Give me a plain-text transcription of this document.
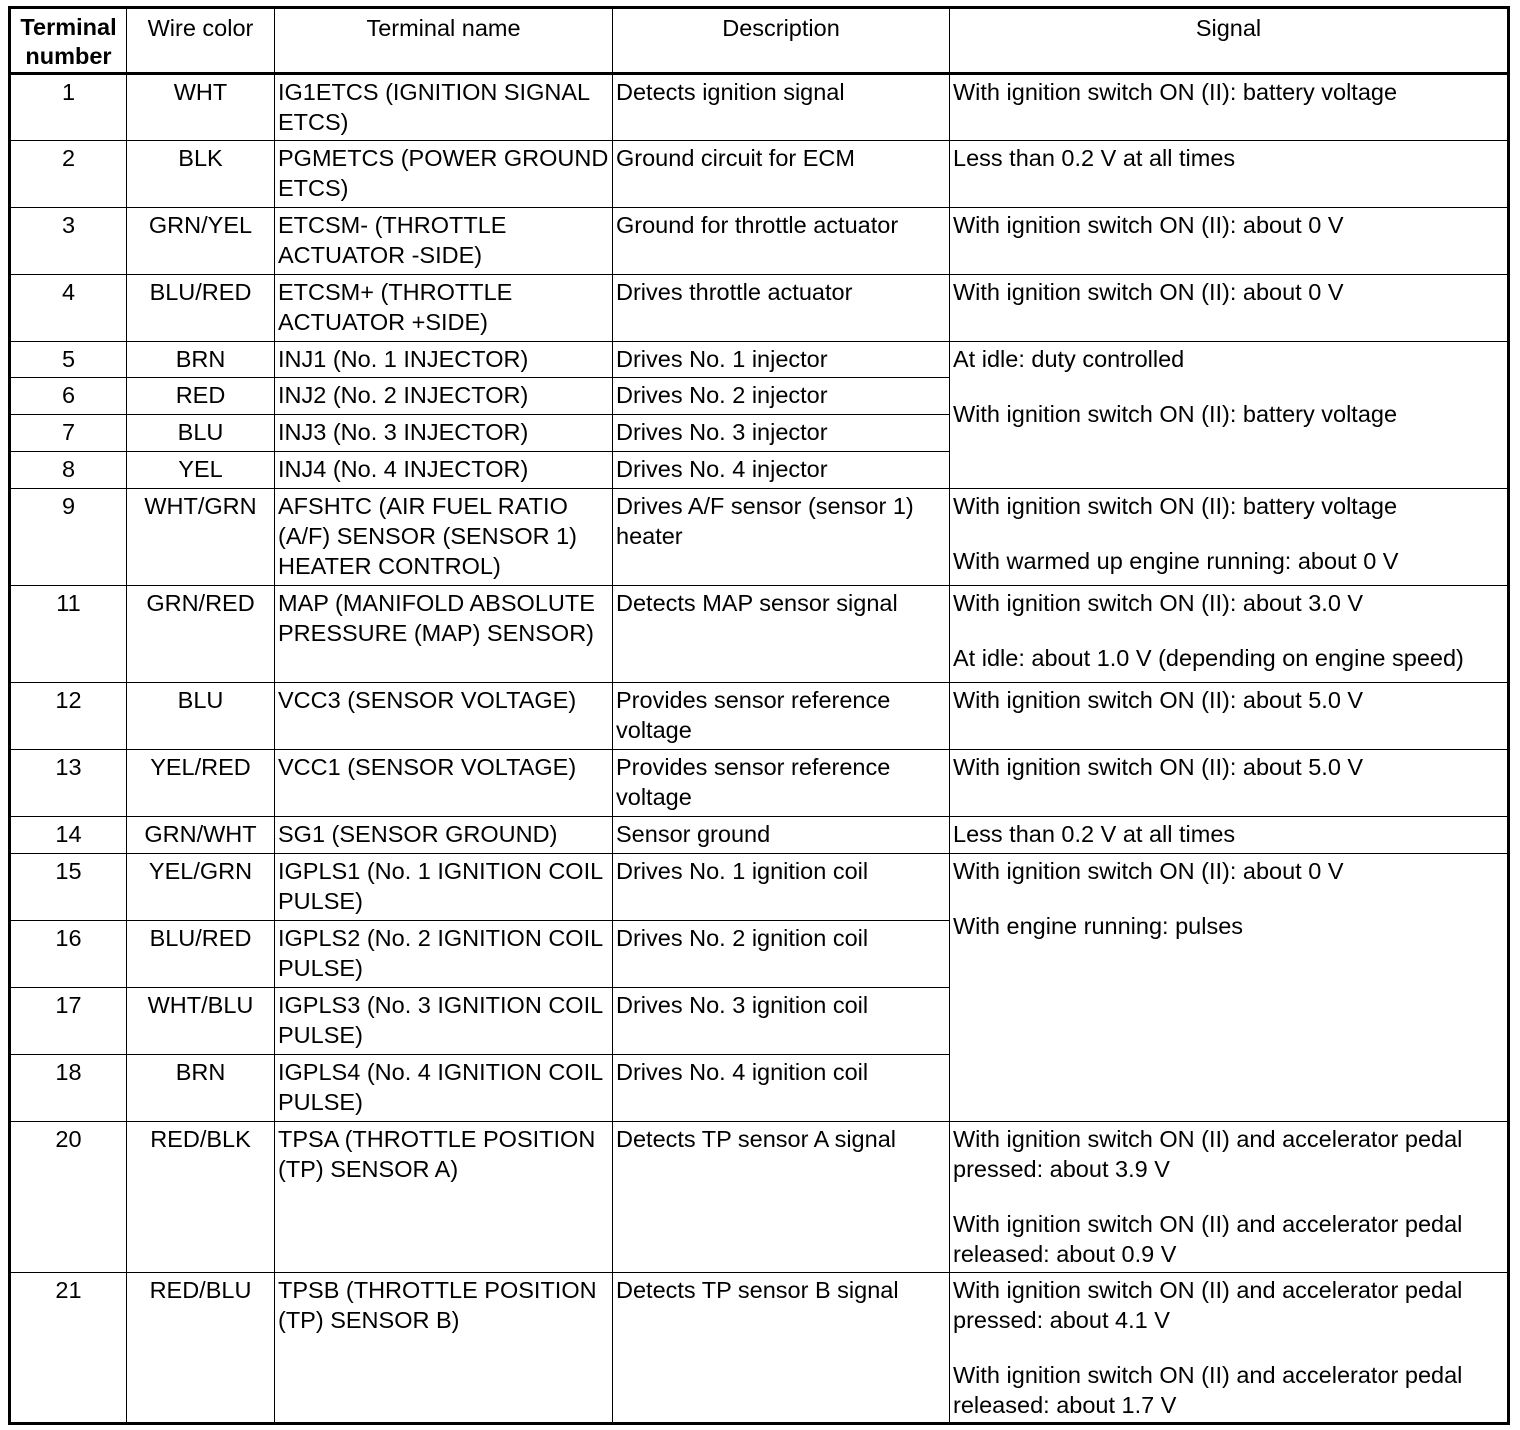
Terminal number	Wire color	Terminal name	Description	Signal
1	WHT	IG1ETCS (IGNITION SIGNAL ETCS)	Detects ignition signal	With ignition switch ON (II): battery voltage

2	BLK	PGMETCS (POWER GROUND ETCS)	Ground circuit for ECM	Less than 0.2 V at all times

3	GRN/YEL	ETCSM- (THROTTLE ACTUATOR -SIDE)	Ground for throttle actuator	With ignition switch ON (II): about 0 V

4	BLU/RED	ETCSM+ (THROTTLE ACTUATOR +SIDE)	Drives throttle actuator	With ignition switch ON (II): about 0 V

5	BRN	INJ1 (No. 1 INJECTOR)	Drives No. 1 injector	At idle: duty controlled
With ignition switch ON (II): battery voltage

6	RED	INJ2 (No. 2 INJECTOR)	Drives No. 2 injector	
7	BLU	INJ3 (No. 3 INJECTOR)	Drives No. 3 injector	
8	YEL	INJ4 (No. 4 INJECTOR)	Drives No. 4 injector	
9	WHT/GRN	AFSHTC (AIR FUEL RATIO (A/F) SENSOR (SENSOR 1) HEATER CONTROL)	Drives A/F sensor (sensor 1) heater	With ignition switch ON (II): battery voltage
With warmed up engine running: about 0 V

11	GRN/RED	MAP (MANIFOLD ABSOLUTE PRESSURE (MAP) SENSOR)	Detects MAP sensor signal	With ignition switch ON (II): about 3.0 V
At idle: about 1.0 V (depending on engine speed)

12	BLU	VCC3 (SENSOR VOLTAGE)	Provides sensor reference voltage	With ignition switch ON (II): about 5.0 V

13	YEL/RED	VCC1 (SENSOR VOLTAGE)	Provides sensor reference voltage	With ignition switch ON (II): about 5.0 V

14	GRN/WHT	SG1 (SENSOR GROUND)	Sensor ground	Less than 0.2 V at all times

15	YEL/GRN	IGPLS1 (No. 1 IGNITION COIL PULSE)	Drives No. 1 ignition coil	With ignition switch ON (II): about 0 V
With engine running: pulses

16	BLU/RED	IGPLS2 (No. 2 IGNITION COIL PULSE)	Drives No. 2 ignition coil	
17	WHT/BLU	IGPLS3 (No. 3 IGNITION COIL PULSE)	Drives No. 3 ignition coil	
18	BRN	IGPLS4 (No. 4 IGNITION COIL PULSE)	Drives No. 4 ignition coil	
20	RED/BLK	TPSA (THROTTLE POSITION (TP) SENSOR A)	Detects TP sensor A signal	With ignition switch ON (II) and accelerator pedal pressed: about 3.9 V
With ignition switch ON (II) and accelerator pedal released: about 0.9 V

21	RED/BLU	TPSB (THROTTLE POSITION (TP) SENSOR B)	Detects TP sensor B signal	With ignition switch ON (II) and accelerator pedal pressed: about 4.1 V
With ignition switch ON (II) and accelerator pedal released: about 1.7 V
